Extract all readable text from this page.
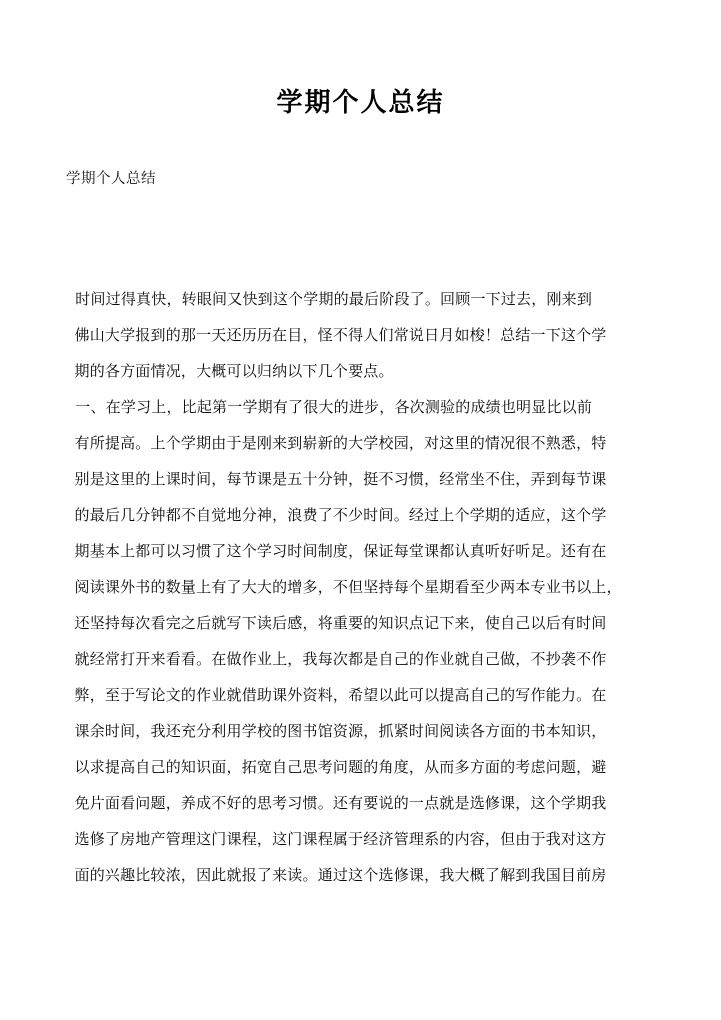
学期个人总结
学期个人总结

时间过得真快，转眼间又快到这个学期的最后阶段了。回顾一下过去，刚来到
佛山大学报到的那一天还历历在目，怪不得人们常说日月如梭！总结一下这个学
期的各方面情况，大概可以归纳以下几个要点。

一、在学习上，比起第一学期有了很大的进步，各次测验的成绩也明显比以前
有所提高。上个学期由于是刚来到崭新的大学校园，对这里的情况很不熟悉，特
别是这里的上课时间，每节课是五十分钟，挺不习惯，经常坐不住，弄到每节课
的最后几分钟都不自觉地分神，浪费了不少时间。经过上个学期的适应，这个学
期基本上都可以习惯了这个学习时间制度，保证每堂课都认真听好听足。还有在
阅读课外书的数量上有了大大的增多，不但坚持每个星期看至少两本专业书以上，
还坚持每次看完之后就写下读后感，将重要的知识点记下来，使自己以后有时间
就经常打开来看看。在做作业上，我每次都是自己的作业就自己做，不抄袭不作
弊，至于写论文的作业就借助课外资料，希望以此可以提高自己的写作能力。在
课余时间，我还充分利用学校的图书馆资源，抓紧时间阅读各方面的书本知识，
以求提高自己的知识面，拓宽自己思考问题的角度，从而多方面的考虑问题，避
免片面看问题，养成不好的思考习惯。还有要说的一点就是选修课，这个学期我
选修了房地产管理这门课程，这门课程属于经济管理系的内容，但由于我对这方
面的兴趣比较浓，因此就报了来读。通过这个选修课，我大概了解到我国目前房
